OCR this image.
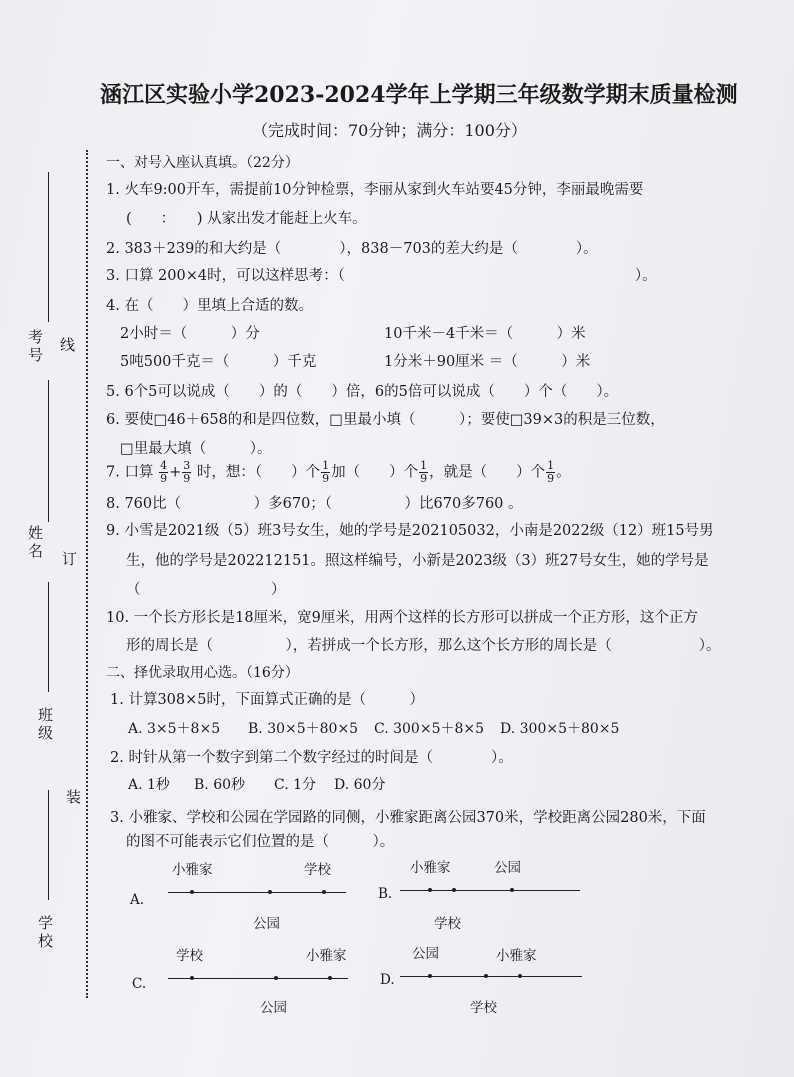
考号
线
姓名 订
班级
装
学校
涵江区实验小学2023-2024学年上学期三年级数学期末质量检测
（完成时间：70分钟；满分：100分）
一、对号入座认真填。（22分）
1. 火车9:00开车，需提前10分钟检票，李丽从家到火车站要45分钟，李丽最晚需要
(　　：　　) 从家出发才能赶上火车。
2. 383＋239的和大约是（　　　　），838－703的差大约是（　　　　）。
3. 口算 200×4时，可以这样思考：（　　　　　　　　　　　　　　　　　　　　）。
4. 在（　　）里填上合适的数。
2小时＝（　　　）分	10千米－4千米＝（　　　）米
5吨500千克＝（　　　）千克	1分米＋90厘米 ＝（　　　）米
5. 6个5可以说成（　　）的（　　）倍，6的5倍可以说成（　　）个（　　）。
6. 要使□46＋658的和是四位数，□里最小填（　　　）；要使□39×3的积是三位数，
□里最大填（　　　）。
7. 口算 $\frac{4}{9} + \frac{3}{9}$ 时，想：（　　）个 $\frac{1}{9}$ 加（　　）个 $\frac{1}{9}$ ，就是（　　）个 $\frac{1}{9}$ 。
8. 760比（　　　　　）多670；（　　　　　）比670多760 。
9. 小雪是2021级（5）班3号女生，她的学号是202105032，小南是2022级（12）班15号男
生，他的学号是202212151。照这样编号，小新是2023级（3）班27号女生，她的学号是
（　　　　　　　　　）
10. 一个长方形长是18厘米，宽9厘米，用两个这样的长方形可以拼成一个正方形，这个正方
形的周长是（　　　　　），若拼成一个长方形，那么这个长方形的周长是（　　　　　　）。
二、择优录取用心选。（16分）
1. 计算308×5时，下面算式正确的是（　　　）
A. 3×5＋8×5 B. 30×5＋80×5 C. 300×5＋8×5 D. 300×5＋80×5
2. 时针从第一个数字到第二个数字经过的时间是（　　　　）。
A. 1秒 B. 60秒 C. 1分 D. 60分
3. 小雅家、学校和公园在学园路的同侧，小雅家距离公园370米，学校距离公园280米，下面
的图不可能表示它们位置的是（　　　）。
A.
小雅家	学校
公园
B.
小雅家	公园
学校
C.
学校	小雅家
公园
D.
公园	小雅家
学校
